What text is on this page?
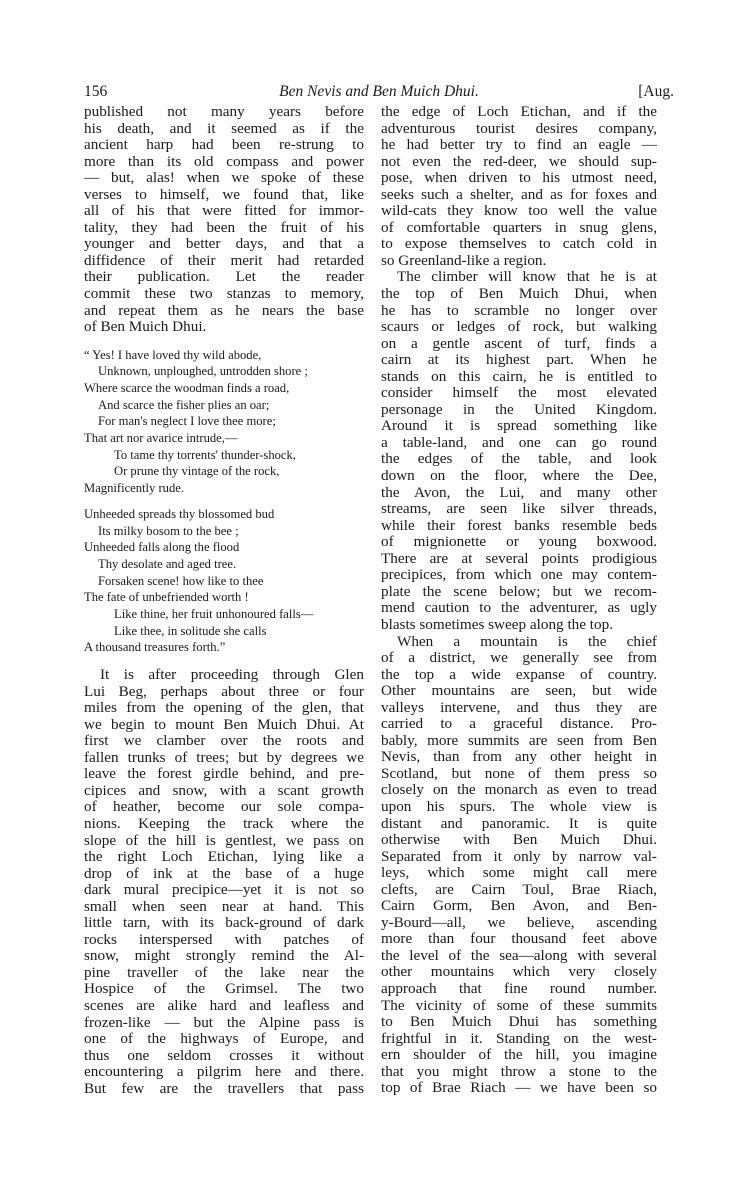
156	Ben Nevis and Ben Muich Dhui.	[Aug.
published not many years before
his death, and it seemed as if the
ancient harp had been re-strung to
more than its old compass and power
— but, alas! when we spoke of these
verses to himself, we found that, like
all of his that were fitted for immor-
tality, they had been the fruit of his
younger and better days, and that a
diffidence of their merit had retarded
their publication. Let the reader
commit these two stanzas to memory,
and repeat them as he nears the base
of Ben Muich Dhui.
“ Yes! I have loved thy wild abode,
Unknown, unploughed, untrodden shore ;
Where scarce the woodman finds a road,
And scarce the fisher plies an oar;
For man's neglect I love thee more;
That art nor avarice intrude,—
To tame thy torrents' thunder-shock,
Or prune thy vintage of the rock,
Magnificently rude.
Unheeded spreads thy blossomed bud
Its milky bosom to the bee ;
Unheeded falls along the flood
Thy desolate and aged tree.
Forsaken scene! how like to thee
The fate of unbefriended worth !
Like thine, her fruit unhonoured falls—
Like thee, in solitude she calls
A thousand treasures forth.”
It is after proceeding through Glen
Lui Beg, perhaps about three or four
miles from the opening of the glen, that
we begin to mount Ben Muich Dhui. At
first we clamber over the roots and
fallen trunks of trees; but by degrees we
leave the forest girdle behind, and pre-
cipices and snow, with a scant growth
of heather, become our sole compa-
nions. Keeping the track where the
slope of the hill is gentlest, we pass on
the right Loch Etichan, lying like a
drop of ink at the base of a huge
dark mural precipice—yet it is not so
small when seen near at hand. This
little tarn, with its back-ground of dark
rocks interspersed with patches of
snow, might strongly remind the Al-
pine traveller of the lake near the
Hospice of the Grimsel. The two
scenes are alike hard and leafless and
frozen-like — but the Alpine pass is
one of the highways of Europe, and
thus one seldom crosses it without
encountering a pilgrim here and there.
But few are the travellers that pass
the edge of Loch Etichan, and if the
adventurous tourist desires company,
he had better try to find an eagle —
not even the red-deer, we should sup-
pose, when driven to his utmost need,
seeks such a shelter, and as for foxes and
wild-cats they know too well the value
of comfortable quarters in snug glens,
to expose themselves to catch cold in
so Greenland-like a region.
The climber will know that he is at
the top of Ben Muich Dhui, when
he has to scramble no longer over
scaurs or ledges of rock, but walking
on a gentle ascent of turf, finds a
cairn at its highest part. When he
stands on this cairn, he is entitled to
consider himself the most elevated
personage in the United Kingdom.
Around it is spread something like
a table-land, and one can go round
the edges of the table, and look
down on the floor, where the Dee,
the Avon, the Lui, and many other
streams, are seen like silver threads,
while their forest banks resemble beds
of mignionette or young boxwood.
There are at several points prodigious
precipices, from which one may contem-
plate the scene below; but we recom-
mend caution to the adventurer, as ugly
blasts sometimes sweep along the top.
When a mountain is the chief
of a district, we generally see from
the top a wide expanse of country.
Other mountains are seen, but wide
valleys intervene, and thus they are
carried to a graceful distance. Pro-
bably, more summits are seen from Ben
Nevis, than from any other height in
Scotland, but none of them press so
closely on the monarch as even to tread
upon his spurs. The whole view is
distant and panoramic. It is quite
otherwise with Ben Muich Dhui.
Separated from it only by narrow val-
leys, which some might call mere
clefts, are Cairn Toul, Brae Riach,
Cairn Gorm, Ben Avon, and Ben-
y-Bourd—all, we believe, ascending
more than four thousand feet above
the level of the sea—along with several
other mountains which very closely
approach that fine round number.
The vicinity of some of these summits
to Ben Muich Dhui has something
frightful in it. Standing on the west-
ern shoulder of the hill, you imagine
that you might throw a stone to the
top of Brae Riach — we have been so
